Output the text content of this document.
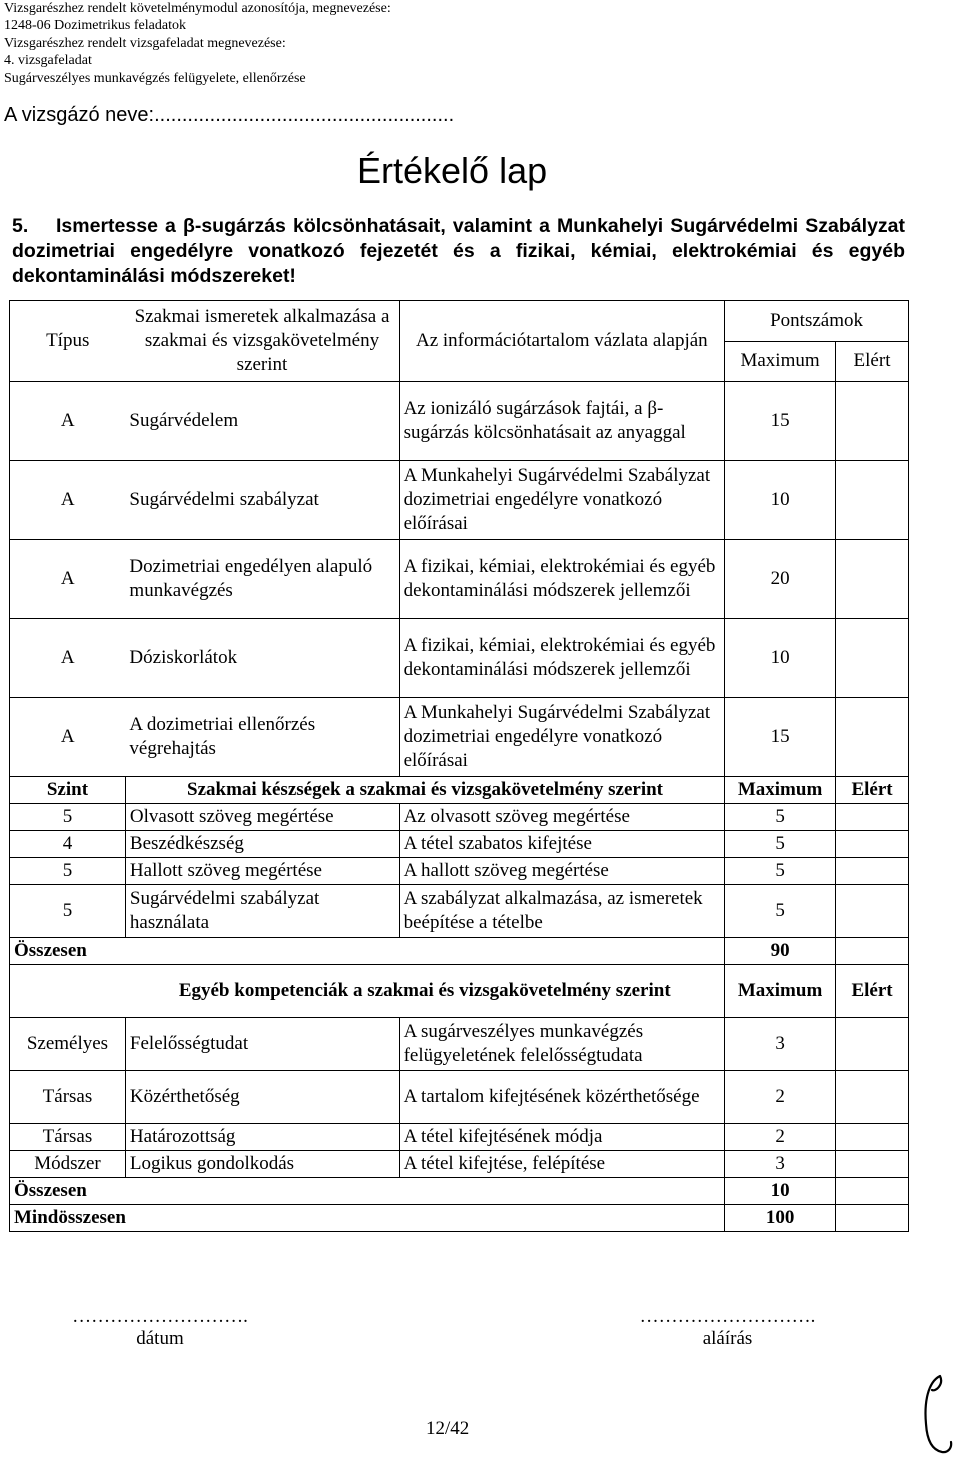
Vizsgarészhez rendelt követelménymodul azonosítója, megnevezése:
1248-06 Dozimetrikus feladatok
Vizsgarészhez rendelt vizsgafeladat megnevezése:
4. vizsgafeladat
Sugárveszélyes munkavégzés felügyelete, ellenőrzése
A vizsgázó neve:......................................................
Értékelő lap
5. Ismertesse a β-sugárzás kölcsönhatásait, valamint a Munkahelyi Sugárvédelmi Szabályzat dozimetriai engedélyre vonatkozó fejezetét és a fizikai, kémiai, elektrokémiai és egyéb dekontaminálási módszereket!
Típus	Szakmai ismeretek alkalmazása a szakmai és vizsgakövetelmény szerint	Az információtartalom vázlata alapján	Pontszámok	
			Maximum	Elért
A	Sugárvédelem	Az ionizáló sugárzások fajtái, a β-sugárzás kölcsönhatásait az anyaggal	15	
A	Sugárvédelmi szabályzat	A Munkahelyi Sugárvédelmi Szabályzat dozimetriai engedélyre vonatkozó előírásai	10	
A	Dozimetriai engedélyen alapuló munkavégzés	A fizikai, kémiai, elektrokémiai és egyéb dekontaminálási módszerek jellemzői	20	
A	Dóziskorlátok	A fizikai, kémiai, elektrokémiai és egyéb dekontaminálási módszerek jellemzői	10	
A	A dozimetriai ellenőrzés végrehajtás	A Munkahelyi Sugárvédelmi Szabályzat dozimetriai engedélyre vonatkozó előírásai	15	
Szint	Szakmai készségek a szakmai és vizsgakövetelmény szerint		Maximum	Elért
5	Olvasott szöveg megértése	Az olvasott szöveg megértése	5	
4	Beszédkészség	A tétel szabatos kifejtése	5	
5	Hallott szöveg megértése	A hallott szöveg megértése	5	
5	Sugárvédelmi szabályzat használata	A szabályzat alkalmazása, az ismeretek beépítése a tételbe	5	
Összesen			90	
	Egyéb kompetenciák a szakmai és vizsgakövetelmény szerint		Maximum	Elért
Személyes	Felelősségtudat	A sugárveszélyes munkavégzés felügyeletének felelősségtudata	3	
Társas	Közérthetőség	A tartalom kifejtésének közérthetősége	2	
Társas	Határozottság	A tétel kifejtésének módja	2	
Módszer	Logikus gondolkodás	A tétel kifejtése, felépítése	3	
Összesen			10	
Mindösszesen			100	
……………………….
dátum
……………………….
aláírás
12/42
